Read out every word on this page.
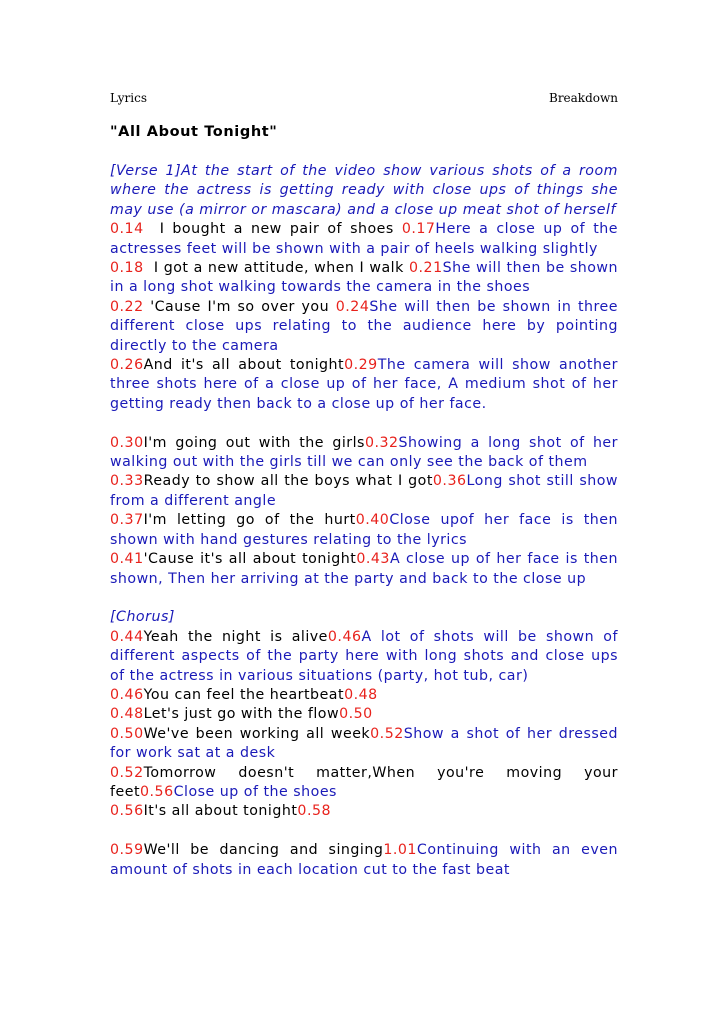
Lyrics	Breakdown
"All About Tonight"

[Verse 1]At the start of the video show various shots of a room where the actress is getting ready with close ups of things she may use (a mirror or mascara) and a close up meat shot of herself

0.14  I bought a new pair of shoes 0.17Here a close up of the actresses feet will be shown with a pair of heels walking slightly

0.18  I got a new attitude, when I walk 0.21She will then be shown in a long shot walking towards the camera in the shoes

0.22 'Cause I'm so over you 0.24She will then be shown in three different close ups relating to the audience here by pointing directly to the camera

0.26And it's all about tonight0.29The camera will show another three shots here of a close up of her face, A medium shot of her getting ready then back to a close up of her face.

0.30I'm going out with the girls0.32Showing a long shot of her walking out with the girls till we can only see the back of them

0.33Ready to show all the boys what I got0.36Long shot still show from a different angle

0.37I'm letting go of the hurt0.40Close upof her face is then shown with hand gestures relating to the lyrics

0.41'Cause it's all about tonight0.43A close up of her face is then shown, Then her arriving at the party and back to the close up

[Chorus]

0.44Yeah the night is alive0.46A lot of shots will be shown of different aspects of the party here with long shots and close ups of the actress in various situations (party, hot tub, car)

0.46You can feel the heartbeat0.48

0.48Let's just go with the flow0.50

0.50We've been working all week0.52Show a shot of her dressed for work sat at a desk

0.52Tomorrow doesn't matter,When you're moving your feet0.56Close up of the shoes

0.56It's all about tonight0.58

0.59We'll be dancing and singing1.01Continuing with an even amount of shots in each location cut to the fast beat
